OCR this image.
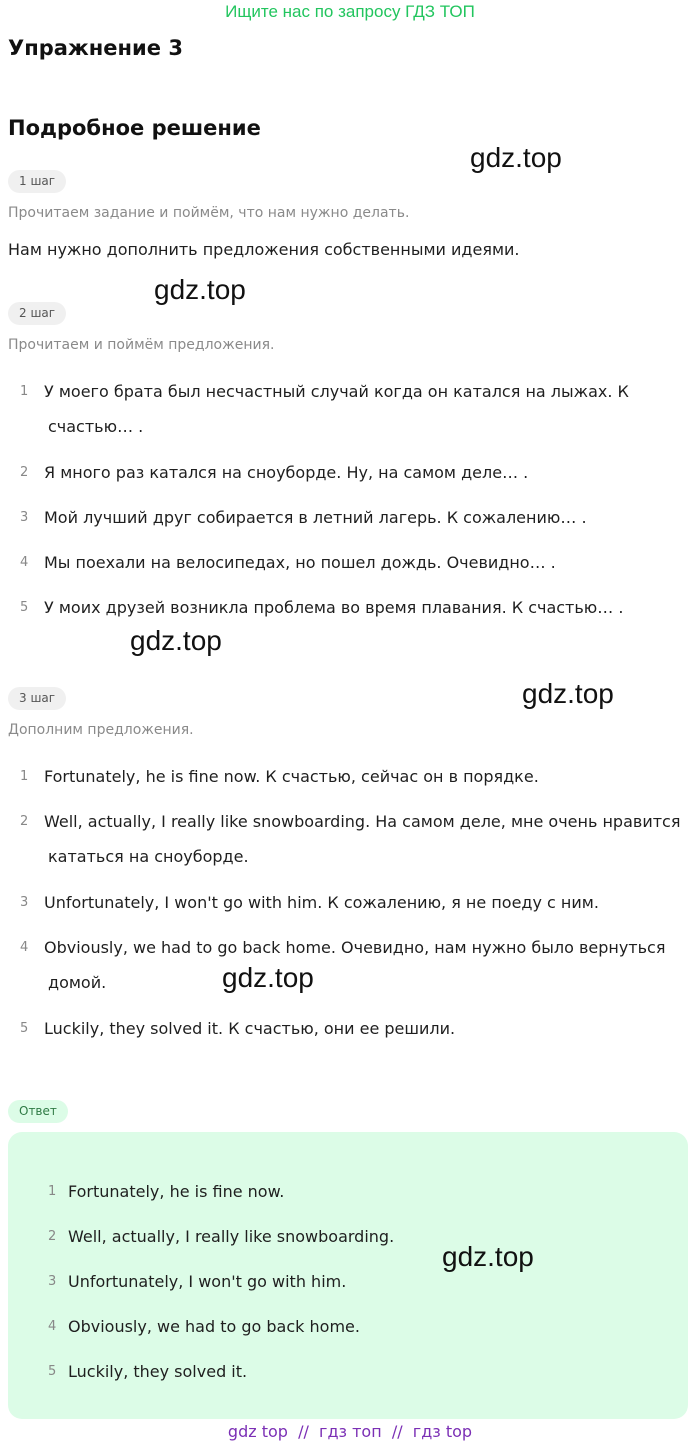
Ищите нас по запросу ГДЗ ТОП
Упражнение 3
Подробное решение
gdz.top
gdz.top
gdz.top
gdz.top
gdz.top
gdz.top
1 шаг
Прочитаем задание и поймём, что нам нужно делать.
Нам нужно дополнить предложения собственными идеями.
2 шаг
Прочитаем и поймём предложения.
1 У моего брата был несчастный случай когда он катался на лыжах. К
счастью… .
2 Я много раз катался на сноуборде. Ну, на самом деле… .
3 Мой лучший друг собирается в летний лагерь. К сожалению… .
4 Мы поехали на велосипедах, но пошел дождь. Очевидно… .
5 У моих друзей возникла проблема во время плавания. К счастью… .
3 шаг
Дополним предложения.
1 Fortunately, he is fine now. К счастью, сейчас он в порядке.
2 Well, actually, I really like snowboarding. На самом деле, мне очень нравится
кататься на сноуборде.
3 Unfortunately, I won't go with him. К сожалению, я не поеду с ним.
4 Obviously, we had to go back home. Очевидно, нам нужно было вернуться
домой.
5 Luckily, they solved it. К счастью, они ее решили.
Ответ
1 Fortunately, he is fine now.
2 Well, actually, I really like snowboarding.
3 Unfortunately, I won't go with him.
4 Obviously, we had to go back home.
5 Luckily, they solved it.
gdz top  //  гдз топ  //  гдз top
